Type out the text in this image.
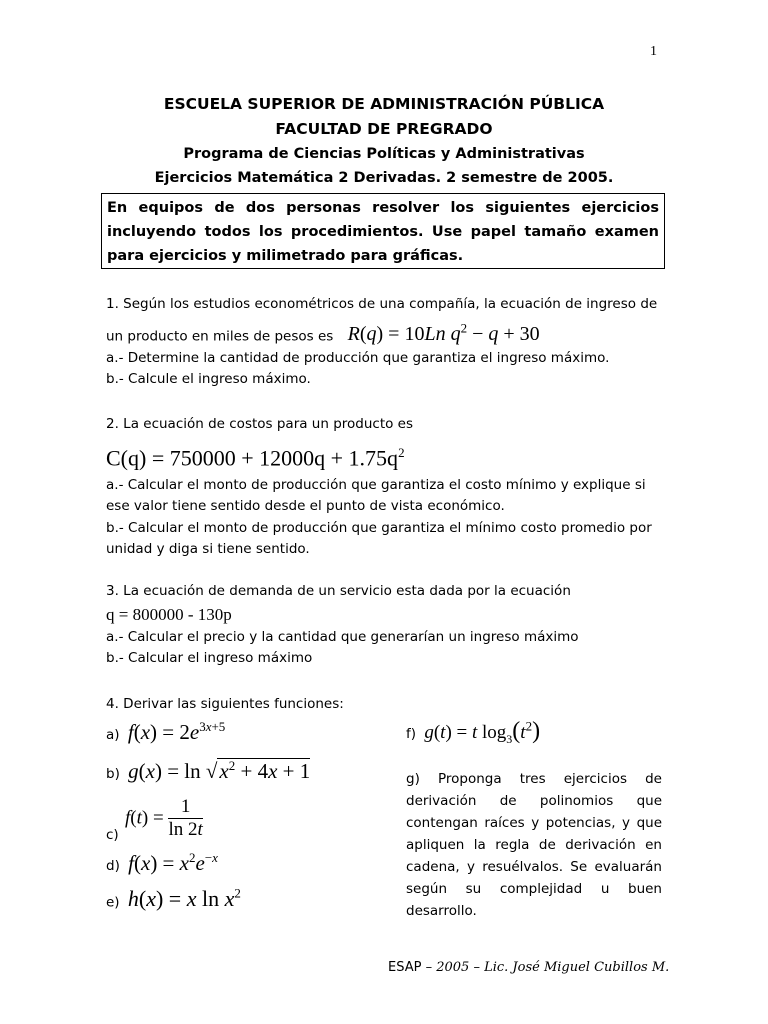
1
ESCUELA SUPERIOR DE ADMINISTRACIÓN PÚBLICA
FACULTAD DE PREGRADO
Programa de Ciencias Políticas y Administrativas
Ejercicios Matemática 2 Derivadas. 2 semestre de 2005.
En equipos de dos personas resolver los siguientes ejercicios incluyendo todos los procedimientos. Use papel tamaño examen para ejercicios y milimetrado para gráficas.
1. Según los estudios econométricos de una compañía, la ecuación de ingreso de
un producto en miles de pesos es R(q) = 10Ln $q^2 - q + 30$
a.- Determine la cantidad de producción que garantiza el ingreso máximo.
b.- Calcule el ingreso máximo.
2. La ecuación de costos para un producto es
$C(q) = 750000 + 12000q + 1.75q^2$
a.- Calcular el monto de producción que garantiza el costo mínimo y explique si ese valor tiene sentido desde el punto de vista económico.
b.- Calcular el monto de producción que garantiza el mínimo costo promedio por unidad y diga si tiene sentido.
3. La ecuación de demanda de un servicio esta dada por la ecuación
q = 800000 - 130p
a.- Calcular el precio y la cantidad que generarían un ingreso máximo
b.- Calcular el ingreso máximo
4. Derivar las siguientes funciones:
a) $f(x) = 2e^{3x+5}$
b) $g(x) = \ln √x^2 + 4x + 1$
c) $f(t) = \frac{1}{\ln 2t}$
d) $f(x) = x^2e^{-x}$
e) h(x) = x $\ln x^2$
f) g(t) = t $\log_3(t^2)$
g) Proponga tres ejercicios de derivación de polinomios que contengan raíces y potencias, y que apliquen la regla de derivación en cadena, y resuélvalos. Se evaluarán según su complejidad u buen desarrollo.
ESAP – 2005 – Lic. José Miguel Cubillos M.
